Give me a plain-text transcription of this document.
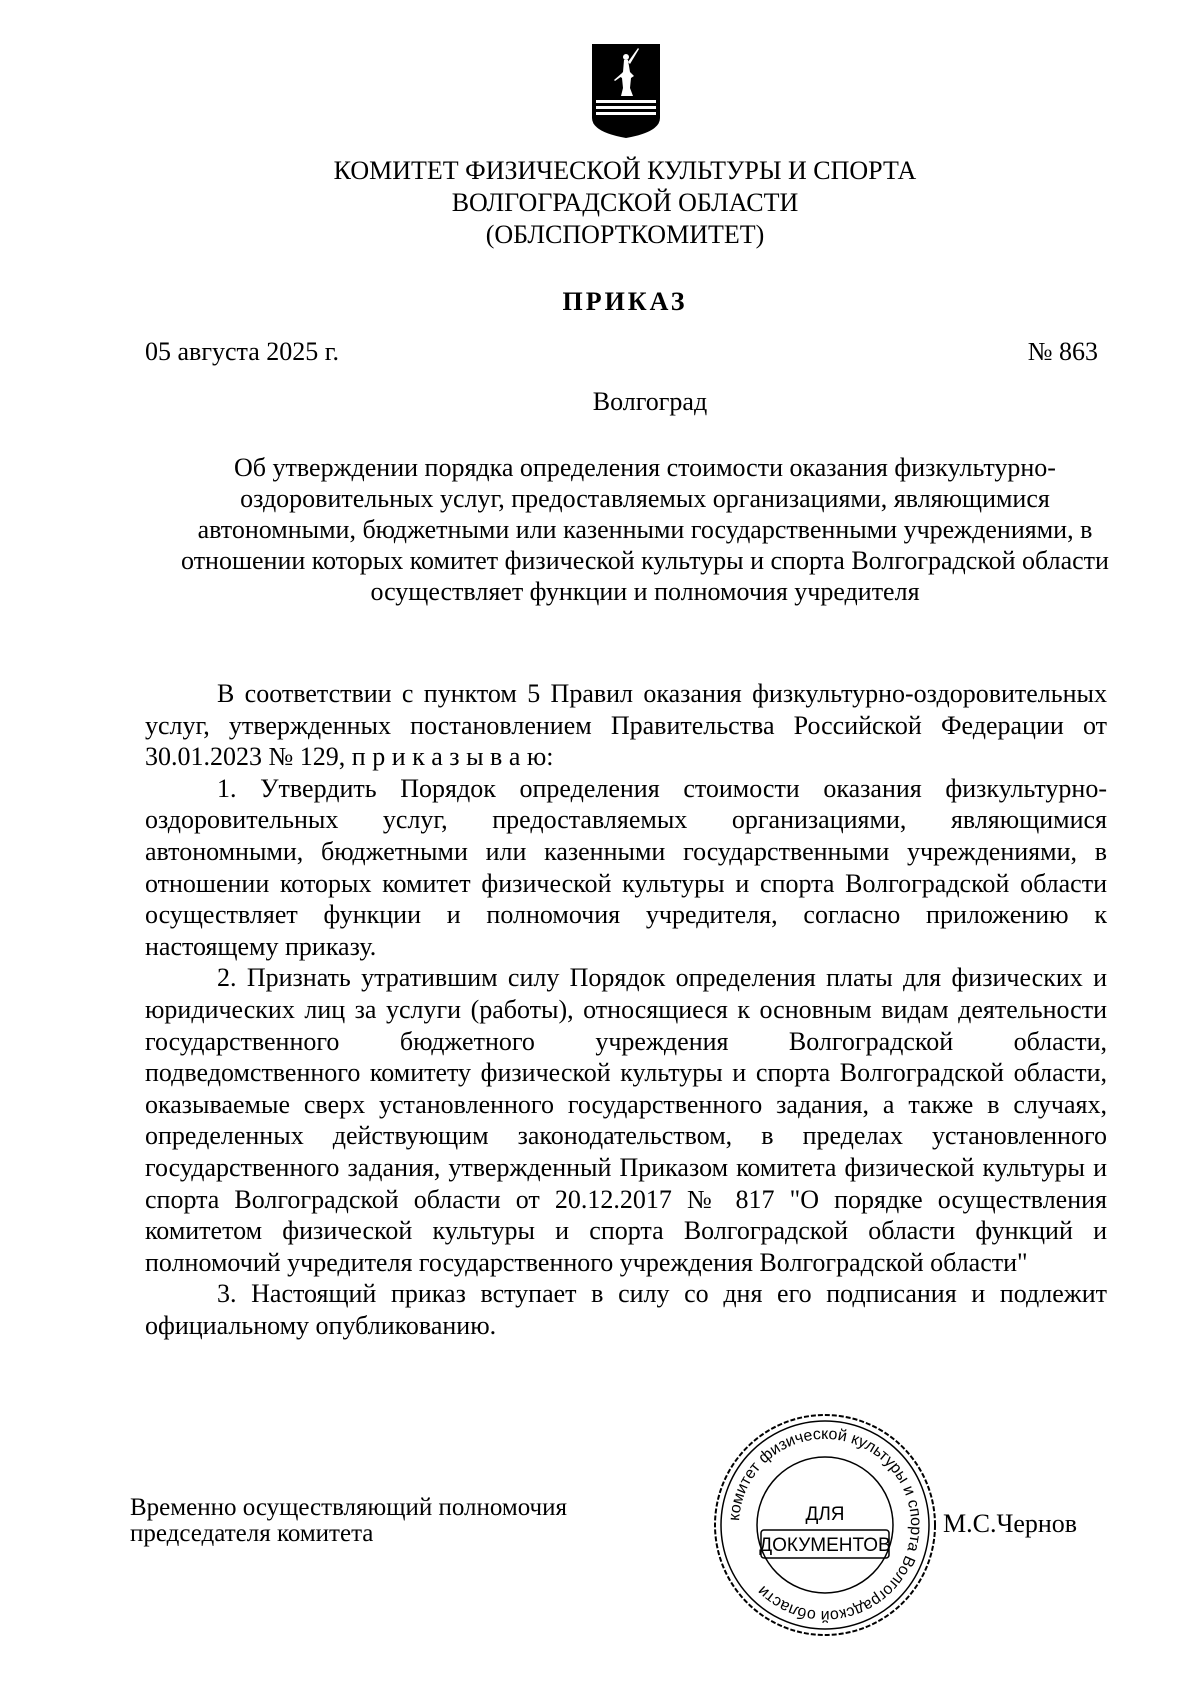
КОМИТЕТ ФИЗИЧЕСКОЙ КУЛЬТУРЫ И СПОРТА
ВОЛГОГРАДСКОЙ ОБЛАСТИ
(ОБЛСПОРТКОМИТЕТ)
ПРИКАЗ
05 августа 2025 г.	№ 863
Волгоград
Об утверждении порядка определения стоимости оказания физкультурно-оздоровительных услуг, предоставляемых организациями, являющимися автономными, бюджетными или казенными государственными учреждениями, в отношении которых комитет физической культуры и спорта Волгоградской области осуществляет функции и полномочия учредителя

В соответствии с пунктом 5 Правил оказания физкультурно-оздоровительных услуг, утвержденных постановлением Правительства Российской Федерации от 30.01.2023 № 129, п р и к а з ы в а ю:

1. Утвердить Порядок определения стоимости оказания физкультурно-оздоровительных услуг, предоставляемых организациями, являющимися автономными, бюджетными или казенными государственными учреждениями, в отношении которых комитет физической культуры и спорта Волгоградской области осуществляет функции и полномочия учредителя, согласно приложению к настоящему приказу.

2. Признать утратившим силу Порядок определения платы для физических и юридических лиц за услуги (работы), относящиеся к основным видам деятельности государственного бюджетного учреждения Волгоградской области, подведомственного комитету физической культуры и спорта Волгоградской области, оказываемые сверх установленного государственного задания, а также в случаях, определенных действующим законодательством, в пределах установленного государственного задания, утвержденный Приказом комитета физической культуры и спорта Волгоградской области от 20.12.2017 № 817 "О порядке осуществления комитетом физической культуры и спорта Волгоградской области функций и полномочий учредителя государственного учреждения Волгоградской области"

3. Настоящий приказ вступает в силу со дня его подписания и подлежит официальному опубликованию.

Временно осуществляющий полномочия
председателя комитета
комитет физической культуры и спорта Волгоградской области
ДЛЯ
ДОКУМЕНТОВ
М.С.Чернов
